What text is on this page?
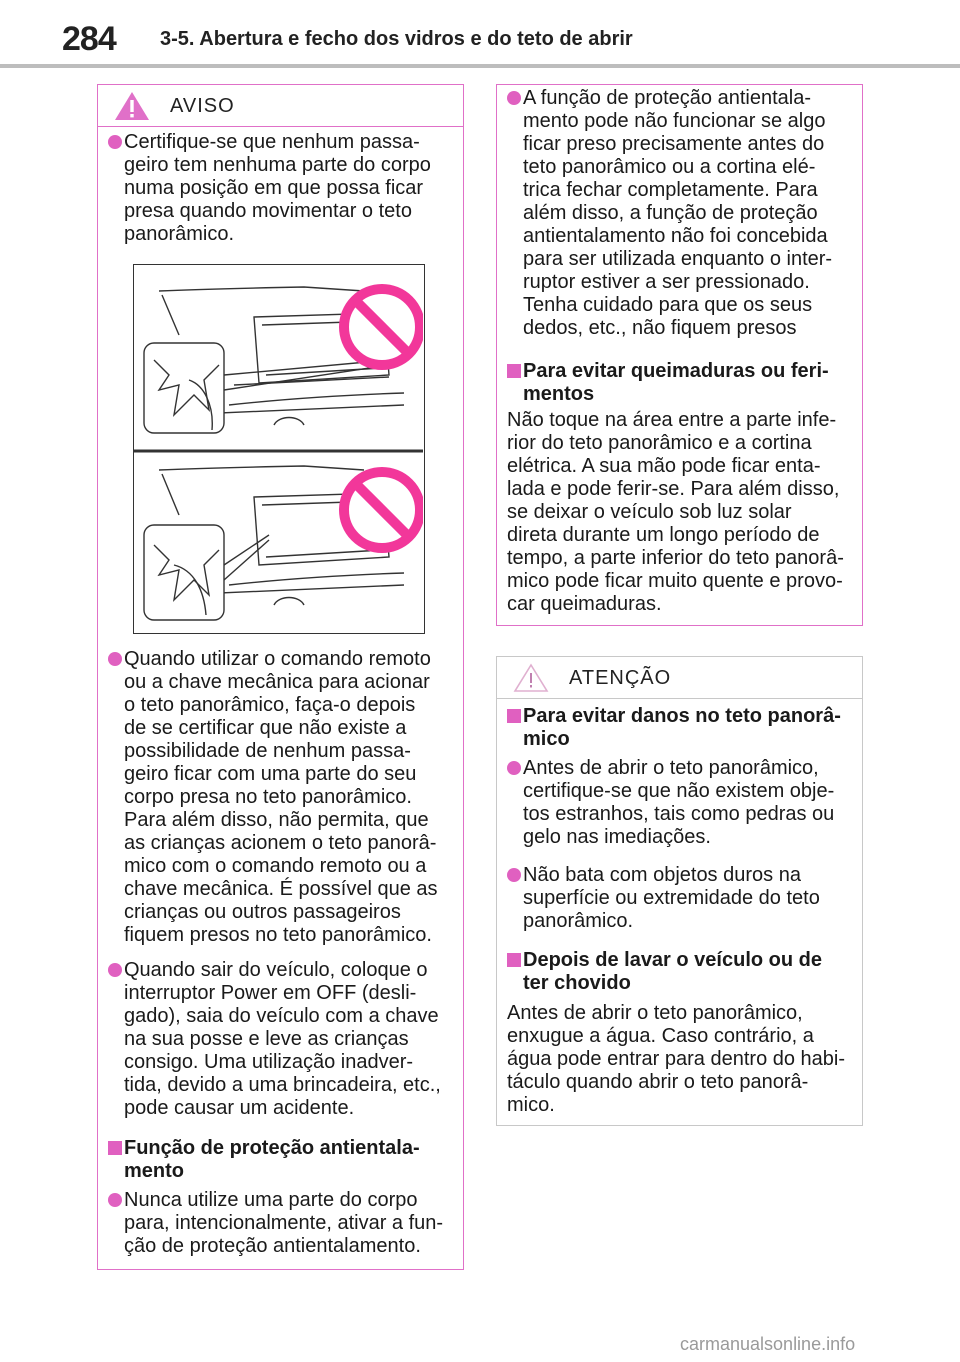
284 3-5. Abertura e fecho dos vidros e do teto de abrir
AVISO
Certifique-se que nenhum passa-
geiro tem nenhuma parte do corpo
numa posição em que possa ficar
presa quando movimentar o teto
panorâmico.
Quando utilizar o comando remoto
ou a chave mecânica para acionar
o teto panorâmico, faça-o depois
de se certificar que não existe a
possibilidade de nenhum passa-
geiro ficar com uma parte do seu
corpo presa no teto panorâmico.
Para além disso, não permita, que
as crianças acionem o teto panorâ-
mico com o comando remoto ou a
chave mecânica. É possível que as
crianças ou outros passageiros
fiquem presos no teto panorâmico.
Quando sair do veículo, coloque o
interruptor Power em OFF (desli-
gado), saia do veículo com a chave
na sua posse e leve as crianças
consigo. Uma utilização inadver-
tida, devido a uma brincadeira, etc.,
pode causar um acidente.
Função de proteção antientala-
mento
Nunca utilize uma parte do corpo
para, intencionalmente, ativar a fun-
ção de proteção antientalamento.
A função de proteção antientala-
mento pode não funcionar se algo
ficar preso precisamente antes do
teto panorâmico ou a cortina elé-
trica fechar completamente. Para
além disso, a função de proteção
antientalamento não foi concebida
para ser utilizada enquanto o inter-
ruptor estiver a ser pressionado.
Tenha cuidado para que os seus
dedos, etc., não fiquem presos
Para evitar queimaduras ou feri-
mentos
Não toque na área entre a parte infe-
rior do teto panorâmico e a cortina
elétrica. A sua mão pode ficar enta-
lada e pode ferir-se. Para além disso,
se deixar o veículo sob luz solar
direta durante um longo período de
tempo, a parte inferior do teto panorâ-
mico pode ficar muito quente e provo-
car queimaduras.
ATENÇÃO
Para evitar danos no teto panorâ-
mico
Antes de abrir o teto panorâmico,
certifique-se que não existem obje-
tos estranhos, tais como pedras ou
gelo nas imediações.
Não bata com objetos duros na
superfície ou extremidade do teto
panorâmico.
Depois de lavar o veículo ou de
ter chovido
Antes de abrir o teto panorâmico,
enxugue a água. Caso contrário, a
água pode entrar para dentro do habi-
táculo quando abrir o teto panorâ-
mico.
carmanualsonline.info
